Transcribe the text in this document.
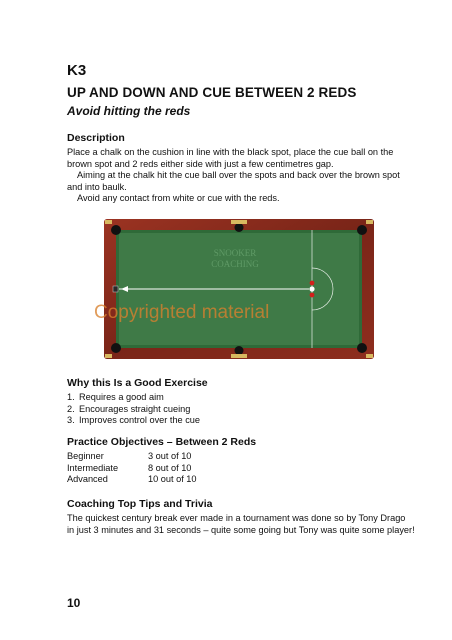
K3
UP AND DOWN AND CUE BETWEEN 2 REDS
Avoid hitting the reds
Description

Place a chalk on the cushion in line with the black spot, place the cue ball on the brown spot and 2 reds either side with just a few centimetres gap.

Aiming at the chalk hit the cue ball over the spots and back over the brown spot and into baulk.

Avoid any contact from white or cue with the reds.

SNOOKER
COACHING
Copyrighted material
Why this Is a Good Exercise
1. Requires a good aim
2. Encourages straight cueing
3. Improves control over the cue
Practice Objectives – Between 2 Reds
Beginner	3 out of 10
Intermediate	8 out of 10
Advanced	10 out of 10
Coaching Top Tips and Trivia
The quickest century break ever made in a tournament was done so by Tony Drago in just 3 minutes and 31 seconds – quite some going but Tony was quite some player!
10
